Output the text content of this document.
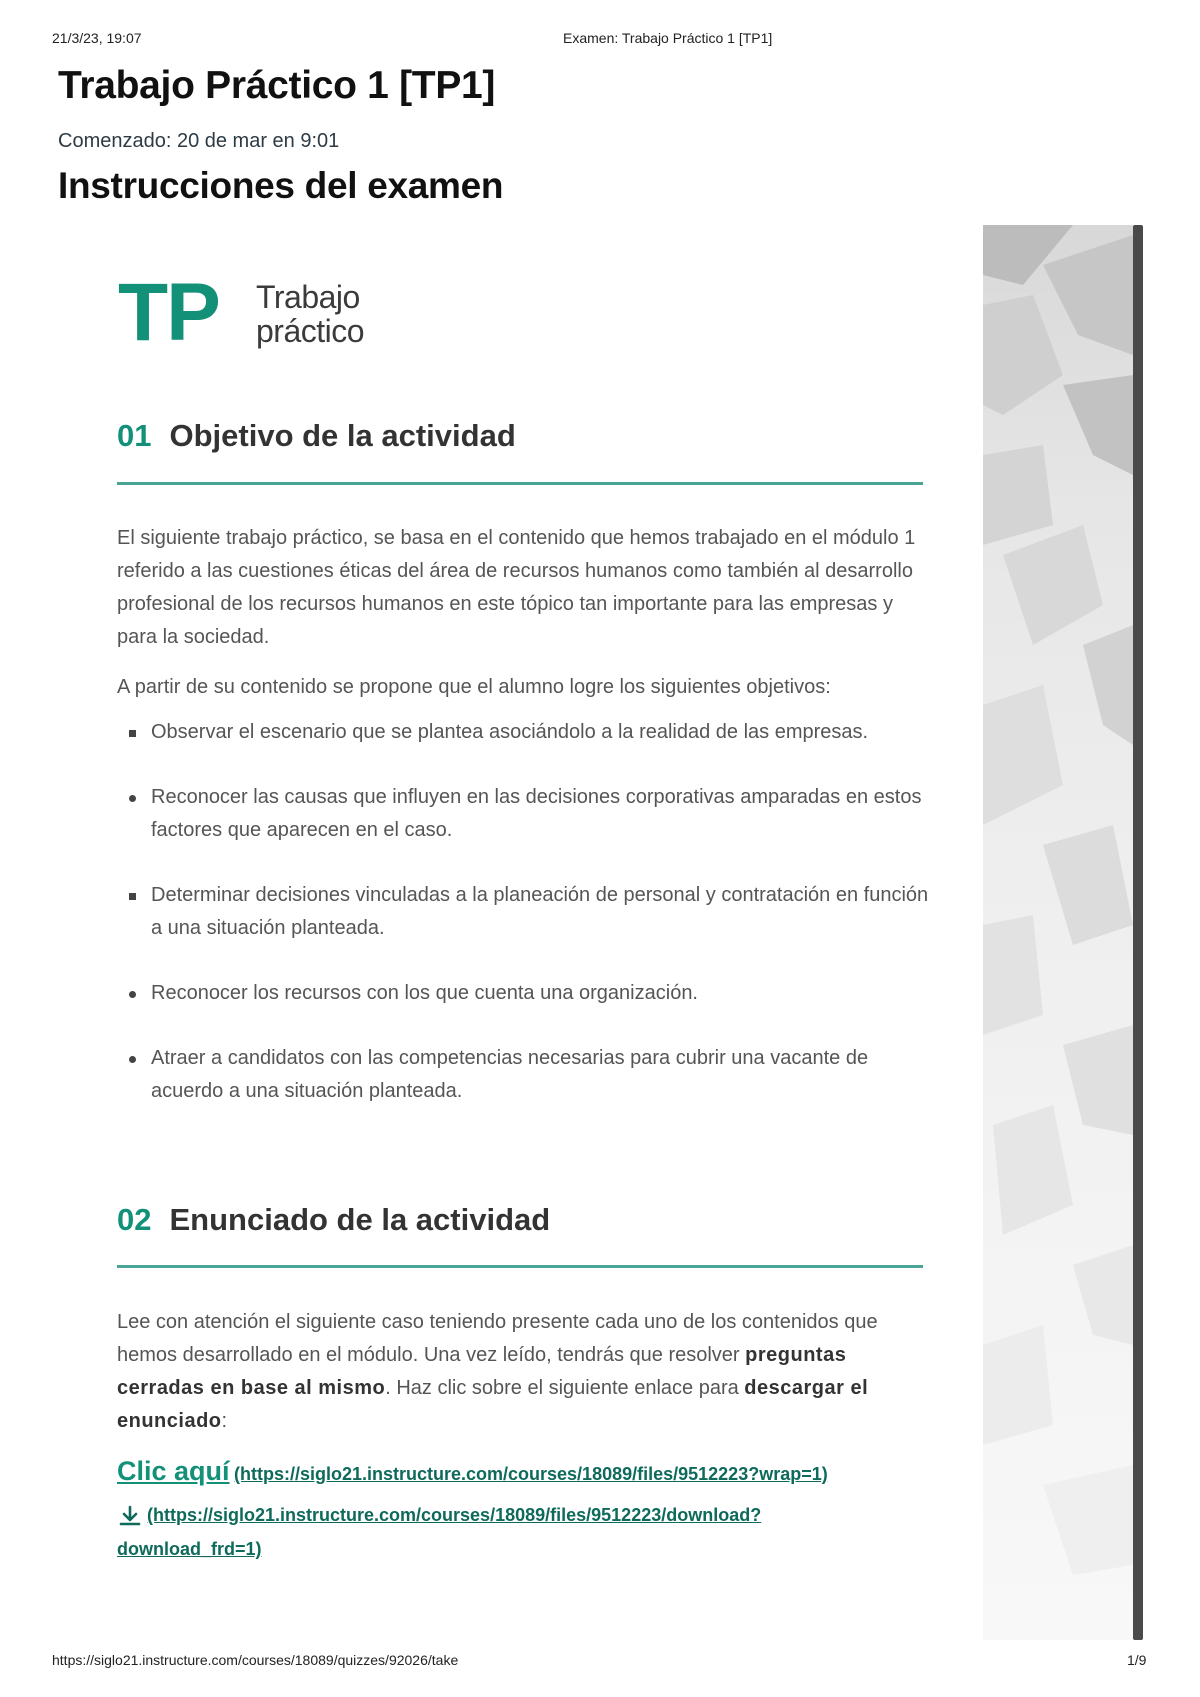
21/3/23, 19:07	Examen: Trabajo Práctico 1 [TP1]
Trabajo Práctico 1 [TP1]
Comenzado: 20 de mar en 9:01
Instrucciones del examen
TP Trabajo
práctico
01 Objetivo de la actividad

El siguiente trabajo práctico, se basa en el contenido que hemos trabajado en el módulo 1 referido a las cuestiones éticas del área de recursos humanos como también al desarrollo profesional de los recursos humanos en este tópico tan importante para las empresas y para la sociedad.

A partir de su contenido se propone que el alumno logre los siguientes objetivos:

Observar el escenario que se plantea asociándolo a la realidad de las empresas.
Reconocer las causas que influyen en las decisiones corporativas amparadas en estos factores que aparecen en el caso.
Determinar decisiones vinculadas a la planeación de personal y contratación en función a una situación planteada.
Reconocer los recursos con los que cuenta una organización.
Atraer a candidatos con las competencias necesarias para cubrir una vacante de acuerdo a una situación planteada.
02 Enunciado de la actividad

Lee con atención el siguiente caso teniendo presente cada uno de los contenidos que hemos desarrollado en el módulo. Una vez leído, tendrás que resolver preguntas cerradas en base al mismo. Haz clic sobre el siguiente enlace para descargar el enunciado:

Clic aquí (https://siglo21.instructure.com/courses/18089/files/9512223?wrap=1)
(https://siglo21.instructure.com/courses/18089/files/9512223/download?
download_frd=1)
https://siglo21.instructure.com/courses/18089/quizzes/92026/take	1/9
